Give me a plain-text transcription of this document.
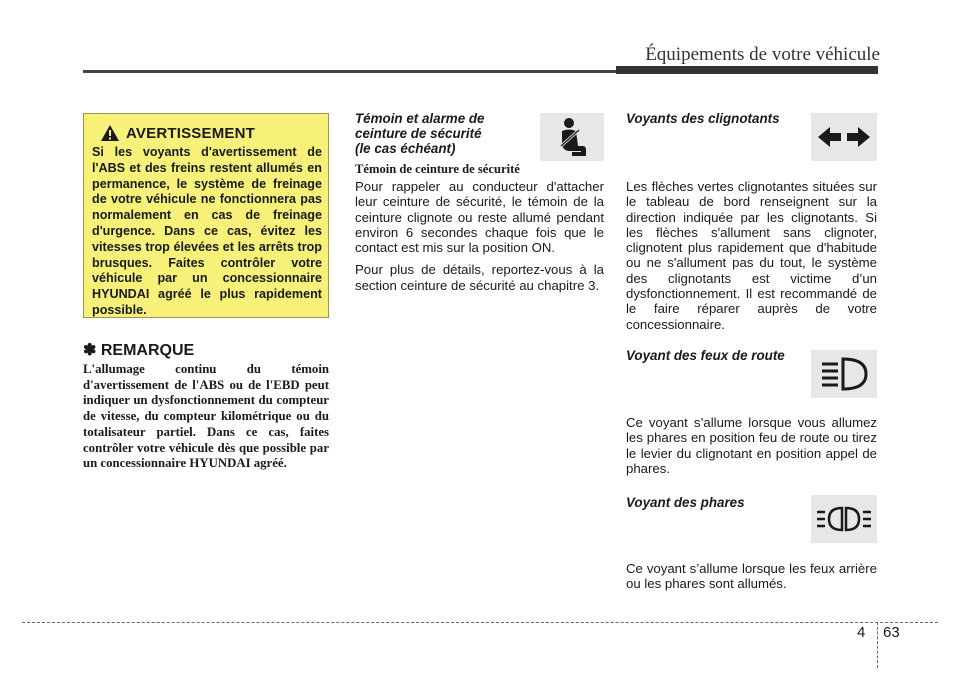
Équipements de votre véhicule
AVERTISSEMENT
Si les voyants d'avertissement de l'ABS et des freins restent allumés en permanence, le système de freinage de votre véhicule ne fonctionnera pas normalement en cas de freinage d'urgence. Dans ce cas, évitez les vitesses trop élevées et les arrêts trop brusques. Faites contrôler votre véhicule par un concessionnaire HYUNDAI agréé le plus rapidement possible.
✽ REMARQUE
L'allumage continu du témoin d'avertissement de l'ABS ou de l'EBD peut indiquer un dysfonctionnement du compteur de vitesse, du compteur kilométrique ou du totalisateur partiel. Dans ce cas, faites contrôler votre véhicule dès que possible par un concessionnaire HYUNDAI agréé.
Témoin et alarme de
ceinture de sécurité
(le cas échéant)
Témoin de ceinture de sécurité

Pour rappeler au conducteur d'attacher leur ceinture de sécurité, le témoin de la ceinture clignote ou reste allumé pendant environ 6 secondes chaque fois que le contact est mis sur la position ON.

Pour plus de détails, reportez-vous à la section ceinture de sécurité au chapitre 3.

Voyants des clignotants
Les flèches vertes clignotantes situées sur le tableau de bord renseignent sur la direction indiquée par les clignotants. Si les flèches s'allument sans clignoter, clignotent plus rapidement que d'habitude ou ne s'allument pas du tout, le système des clignotants est victime d’un dysfonctionnement. Il est recommandé de le faire réparer auprès de votre concessionnaire.
Voyant des feux de route
Ce voyant s’allume lorsque vous allumez les phares en position feu de route ou tirez le levier du clignotant en position appel de phares.
Voyant des phares
Ce voyant s’allume lorsque les feux arrière ou les phares sont allumés.
4 63
